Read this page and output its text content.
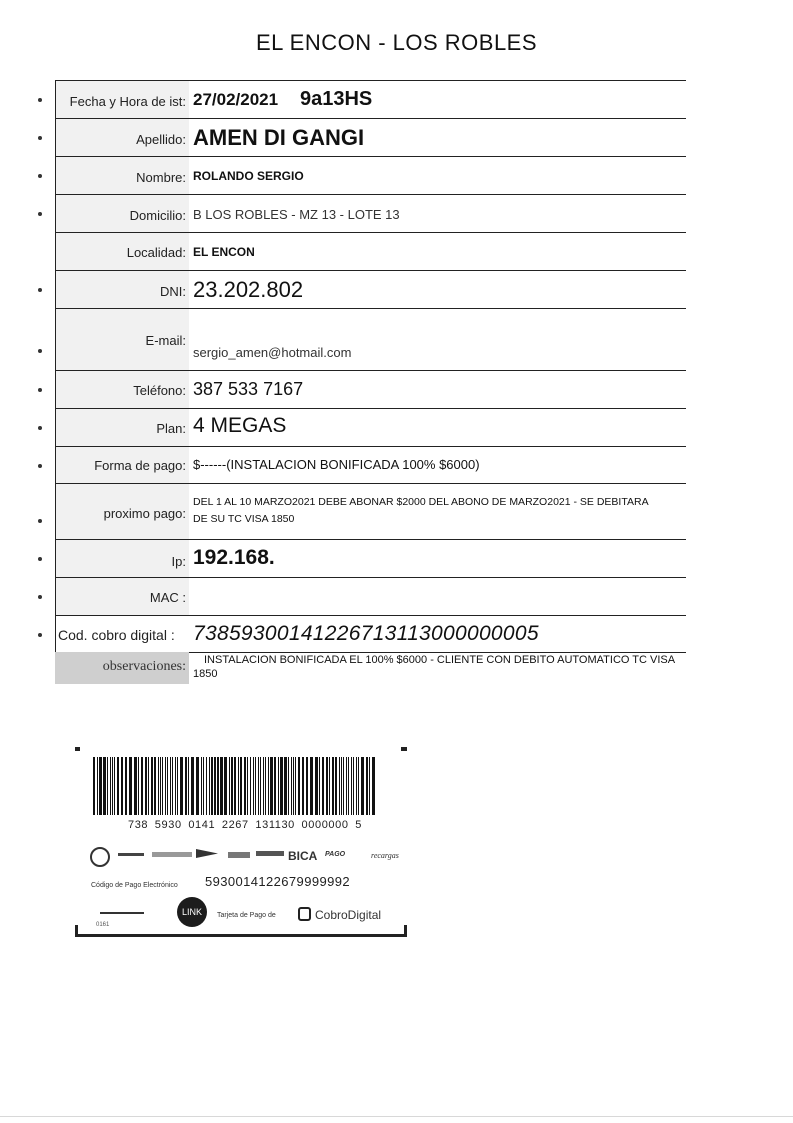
EL ENCON - LOS ROBLES
Fecha y Hora de ist: 27/02/2021 9a13HS
Apellido: AMEN DI GANGI
Nombre: ROLANDO SERGIO
Domicilio: B LOS ROBLES - MZ 13 - LOTE 13
Localidad: EL ENCON
DNI: 23.202.802
E-mail:
sergio_amen@hotmail.com
Teléfono: 387 533 7167
Plan: 4 MEGAS
Forma de pago: $------(INSTALACION BONIFICADA 100% $6000)
proximo pago:
DEL 1 AL 10 MARZO2021 DEBE ABONAR $2000 DEL ABONO DE MARZO2021 - SE DEBITARA
DE SU TC VISA 1850
Ip: 192.168.
MAC :
Cod. cobro digital : 73859300141226713113000000005
observaciones:	INSTALACION BONIFICADA EL 100% $6000 - CLIENTE CON DEBITO AUTOMATICO TC VISA 1850
738 5930 0141 2267 131130 0000000 5
BICA PAGO	recargas
Código de Pago Electrónico 5930014122679999992
0161
LINK	Tarjeta de Pago de	CobroDigital
